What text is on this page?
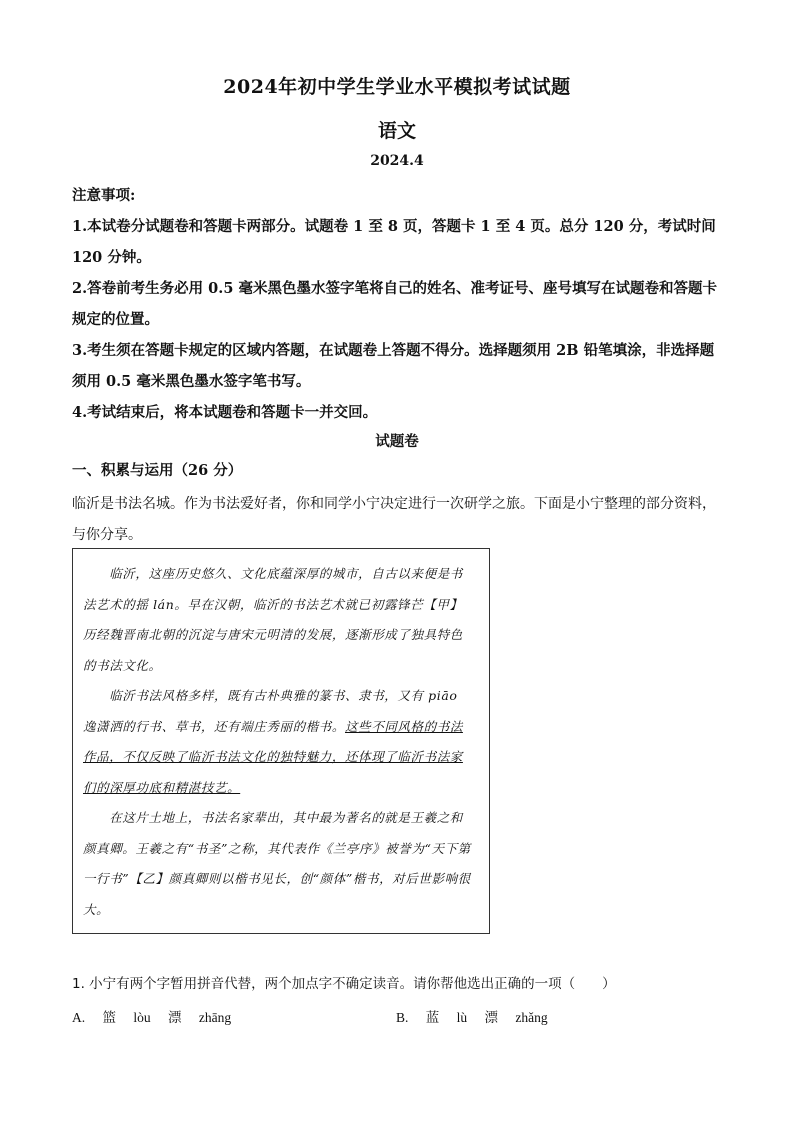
2024年初中学生学业水平模拟考试试题
语文
2024.4

注意事项:

1.本试卷分试题卷和答题卡两部分。试题卷 1 至 8 页，答题卡 1 至 4 页。总分 120 分，考试时间 120 分钟。

2.答卷前考生务必用 0.5 毫米黑色墨水签字笔将自己的姓名、准考证号、座号填写在试题卷和答题卡规定的位置。

3.考生须在答题卡规定的区域内答题，在试题卷上答题不得分。选择题须用 2B 铅笔填涂，非选择题须用 0.5 毫米黑色墨水签字笔书写。

4.考试结束后，将本试题卷和答题卡一并交回。

试题卷
一、积累与运用（26 分）

临沂是书法名城。作为书法爱好者，你和同学小宁决定进行一次研学之旅。下面是小宁整理的部分资料，与你分享。

  临沂，这座历史悠久、文化底蕴深厚的城市，自古以来便是书法艺术的摇 lán。早在汉朝，临沂的书法艺术就已初露锋芒【甲】历经魏晋南北朝的沉淀与唐宋元明清的发展，逐渐形成了独具特色的书法文化。

  临沂书法风格多样，既有古朴典雅的篆书、隶书，又有 piāo 逸潇洒的行书、草书，还有端庄秀丽的楷书。这些不同风格的书法作品，不仅反映了临沂书法文化的独特魅力，还体现了临沂书法家们的深厚功底和精湛技艺。

  在这片土地上，书法名家辈出，其中最为著名的就是王羲之和颜真卿。王羲之有“书圣”之称，其代表作《兰亭序》被誉为“天下第一行书”【乙】颜真卿则以楷书见长，创“颜体”楷书，对后世影响很大。

1. 小宁有两个字暂用拼音代替，两个加点字不确定读音。请你帮他选出正确的一项（　　）
A. 篮 lòu 漂 zhāng	B. 蓝 lù 漂 zhǎng
